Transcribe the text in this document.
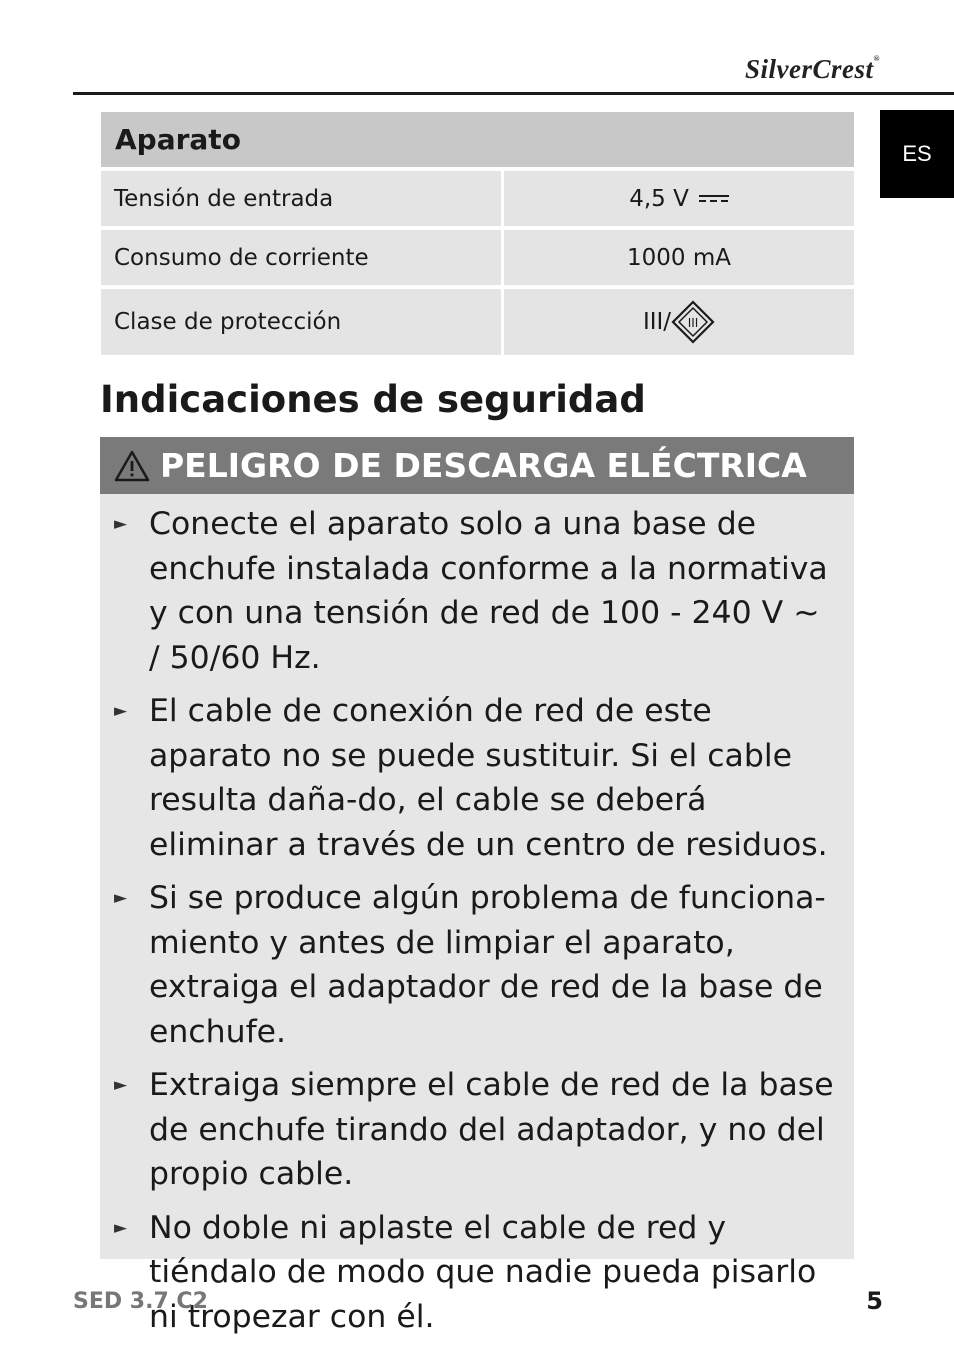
SilverCrest®
ES
Aparato
Tensión de entrada	4,5 V
Consumo de corriente	1000 mA
Clase de protección	III/ III
Indicaciones de seguridad
PELIGRO DE DESCARGA ELÉCTRICA
► Conecte el aparato solo a una base de enchufe instalada conforme a la normativa y con una tensión de red de 100 - 240 V ~ / 50/60 Hz.
► El cable de conexión de red de este aparato no se puede sustituir. Si el cable resulta daña-do, el cable se deberá eliminar a través de un centro de residuos.
► Si se produce algún problema de funciona-miento y antes de limpiar el aparato, extraiga el adaptador de red de la base de enchufe.
► Extraiga siempre el cable de red de la base de enchufe tirando del adaptador, y no del propio cable.
► No doble ni aplaste el cable de red y tiéndalo de modo que nadie pueda pisarlo ni tropezar con él.
SED 3.7 C2	5
